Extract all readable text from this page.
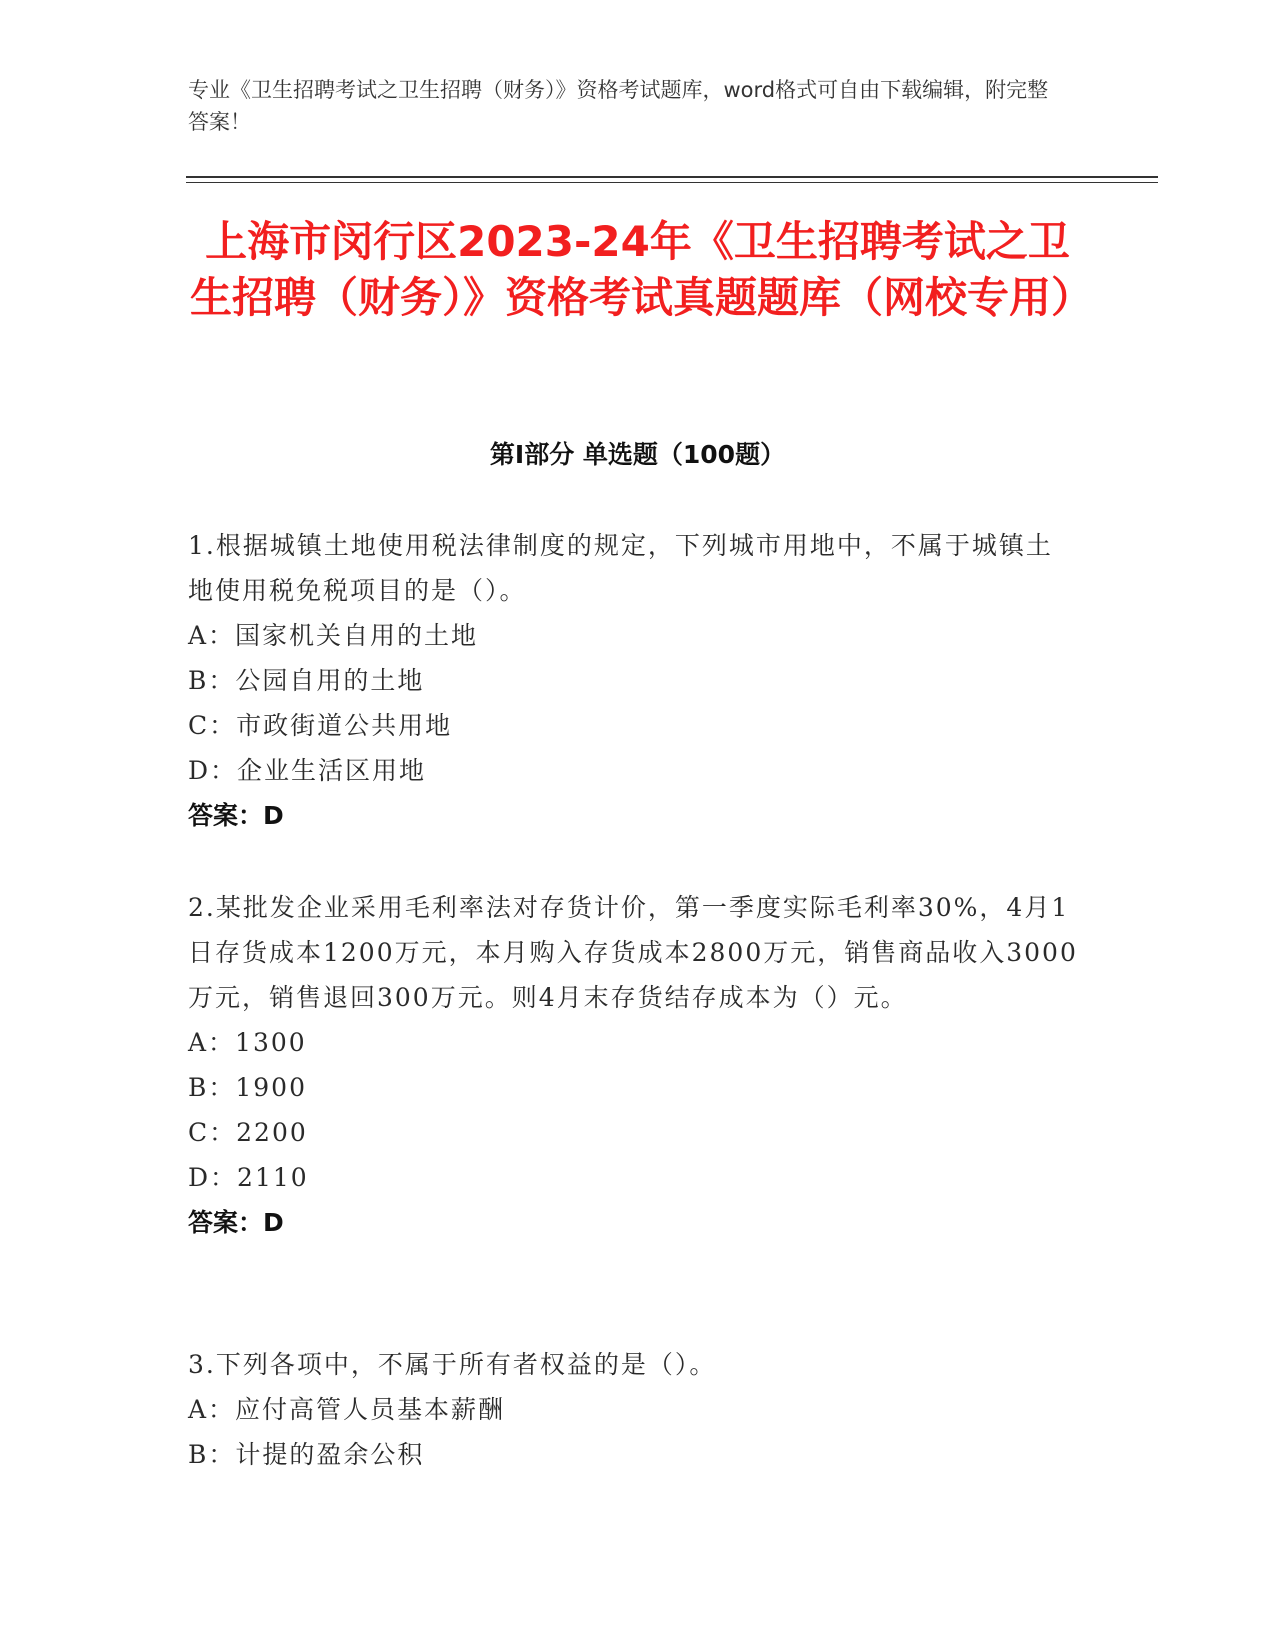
专业《卫生招聘考试之卫生招聘（财务）》资格考试题库，word格式可自由下载编辑，附完整答案！
上海市闵行区2023-24年《卫生招聘考试之卫生招聘（财务）》资格考试真题题库（网校专用）
第Ⅰ部分 单选题（100题）
1.根据城镇土地使用税法律制度的规定，下列城市用地中，不属于城镇土地使用税免税项目的是（）。
A：国家机关自用的土地
B：公园自用的土地
C：市政街道公共用地
D：企业生活区用地
答案：D
2.某批发企业采用毛利率法对存货计价，第一季度实际毛利率30%，4月1日存货成本1200万元，本月购入存货成本2800万元，销售商品收入3000万元，销售退回300万元。则4月末存货结存成本为（）元。
A：1300
B：1900
C：2200
D：2110
答案：D
3.下列各项中，不属于所有者权益的是（）。
A：应付高管人员基本薪酬
B：计提的盈余公积
